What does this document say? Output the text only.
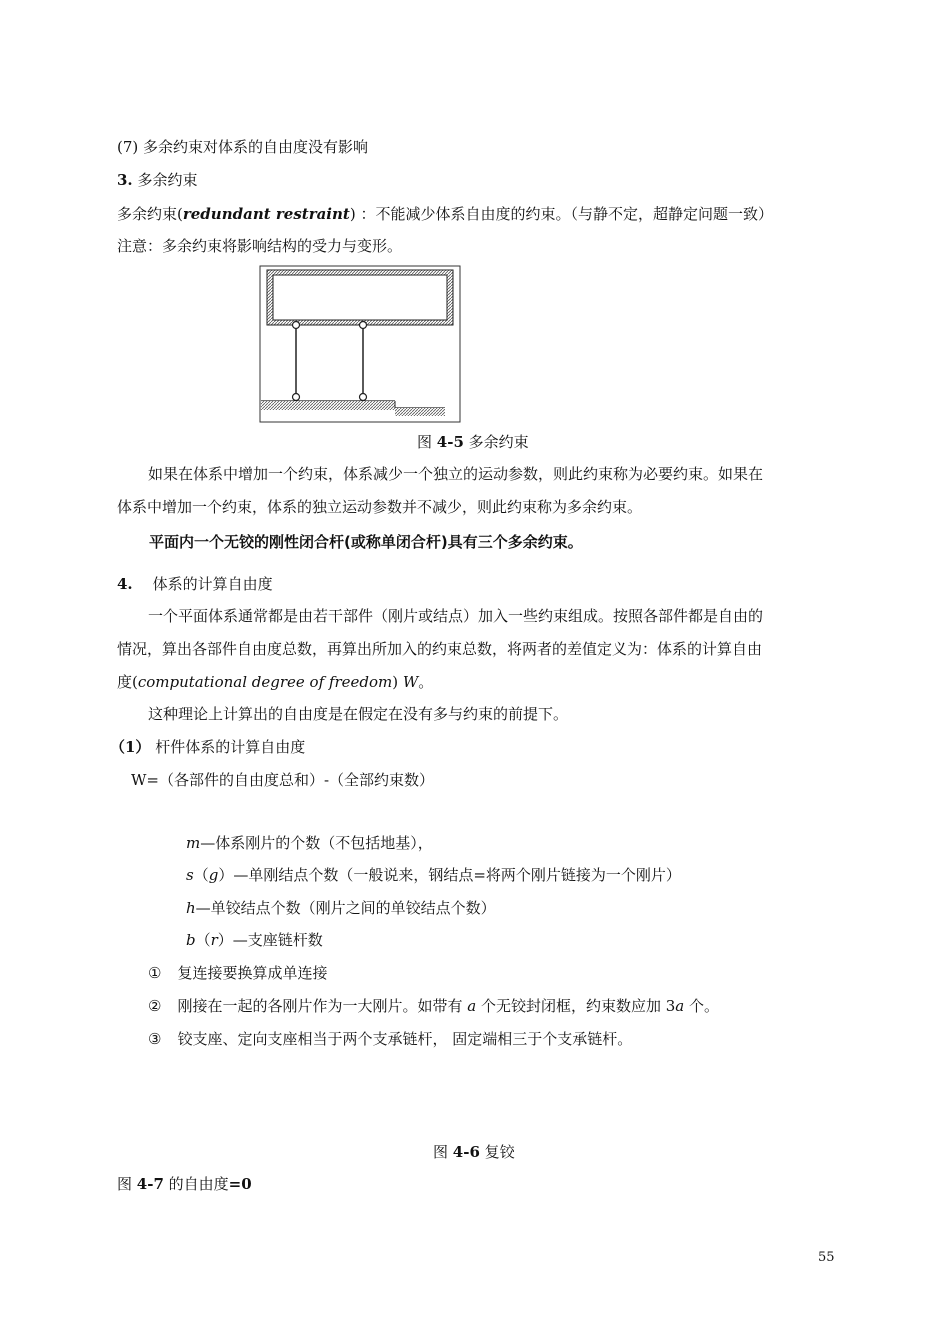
(7) 多余约束对体系的自由度没有影响
3. 多余约束
多余约束(redundant restraint) ：不能减少体系自由度的约束。（与静不定，超静定问题一致）
注意：多余约束将影响结构的受力与变形。
图 4-5 多余约束
如果在体系中增加一个约束，体系减少一个独立的运动参数，则此约束称为必要约束。如果在
体系中增加一个约束，体系的独立运动参数并不减少，则此约束称为多余约束。
平面内一个无铰的刚性闭合杆(或称单闭合杆)具有三个多余约束。
4. 体系的计算自由度
一个平面体系通常都是由若干部件（刚片或结点）加入一些约束组成。按照各部件都是自由的
情况，算出各部件自由度总数，再算出所加入的约束总数，将两者的差值定义为：体系的计算自由
度(computational degree of freedom) W。
这种理论上计算出的自由度是在假定在没有多与约束的前提下。
（1） 杆件体系的计算自由度
W=（各部件的自由度总和）-（全部约束数）
m—体系刚片的个数（不包括地基），
s（g）—单刚结点个数（一般说来，钢结点=将两个刚片链接为一个刚片）
h—单铰结点个数（刚片之间的单铰结点个数）
b（r）—支座链杆数
① 复连接要换算成单连接
② 刚接在一起的各刚片作为一大刚片。如带有 a 个无铰封闭框，约束数应加 3a 个。
③ 铰支座、定向支座相当于两个支承链杆， 固定端相三于个支承链杆。
图 4-6 复铰
图 4-7 的自由度=0
55
